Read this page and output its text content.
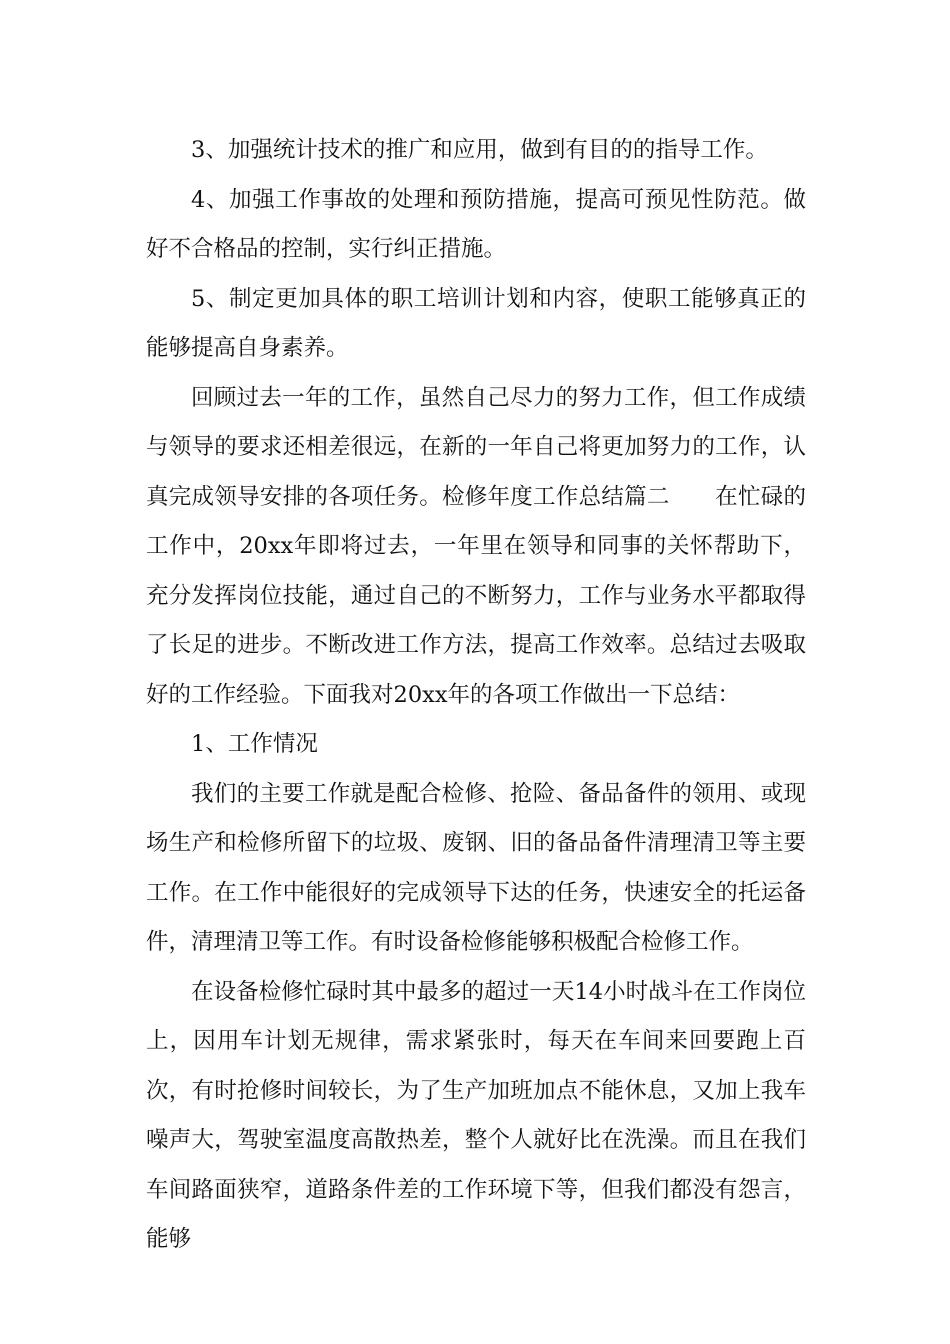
3、加强统计技术的推广和应用，做到有目的的指导工作。

4、加强工作事故的处理和预防措施，提高可预见性防范。做好不合格品的控制，实行纠正措施。

5、制定更加具体的职工培训计划和内容，使职工能够真正的能够提高自身素养。

回顾过去一年的工作，虽然自己尽力的努力工作，但工作成绩与领导的要求还相差很远，在新的一年自己将更加努力的工作，认真完成领导安排的各项任务。检修年度工作总结篇二　　在忙碌的工作中，20xx年即将过去，一年里在领导和同事的关怀帮助下，充分发挥岗位技能，通过自己的不断努力，工作与业务水平都取得了长足的进步。不断改进工作方法，提高工作效率。总结过去吸取好的工作经验。下面我对20xx年的各项工作做出一下总结：

1、工作情况

我们的主要工作就是配合检修、抢险、备品备件的领用、或现场生产和检修所留下的垃圾、废钢、旧的备品备件清理清卫等主要工作。在工作中能很好的完成领导下达的任务，快速安全的托运备件，清理清卫等工作。有时设备检修能够积极配合检修工作。

在设备检修忙碌时其中最多的超过一天14小时战斗在工作岗位上，因用车计划无规律，需求紧张时，每天在车间来回要跑上百次，有时抢修时间较长，为了生产加班加点不能休息，又加上我车噪声大，驾驶室温度高散热差，整个人就好比在洗澡。而且在我们车间路面狭窄，道路条件差的工作环境下等，但我们都没有怨言，能够
